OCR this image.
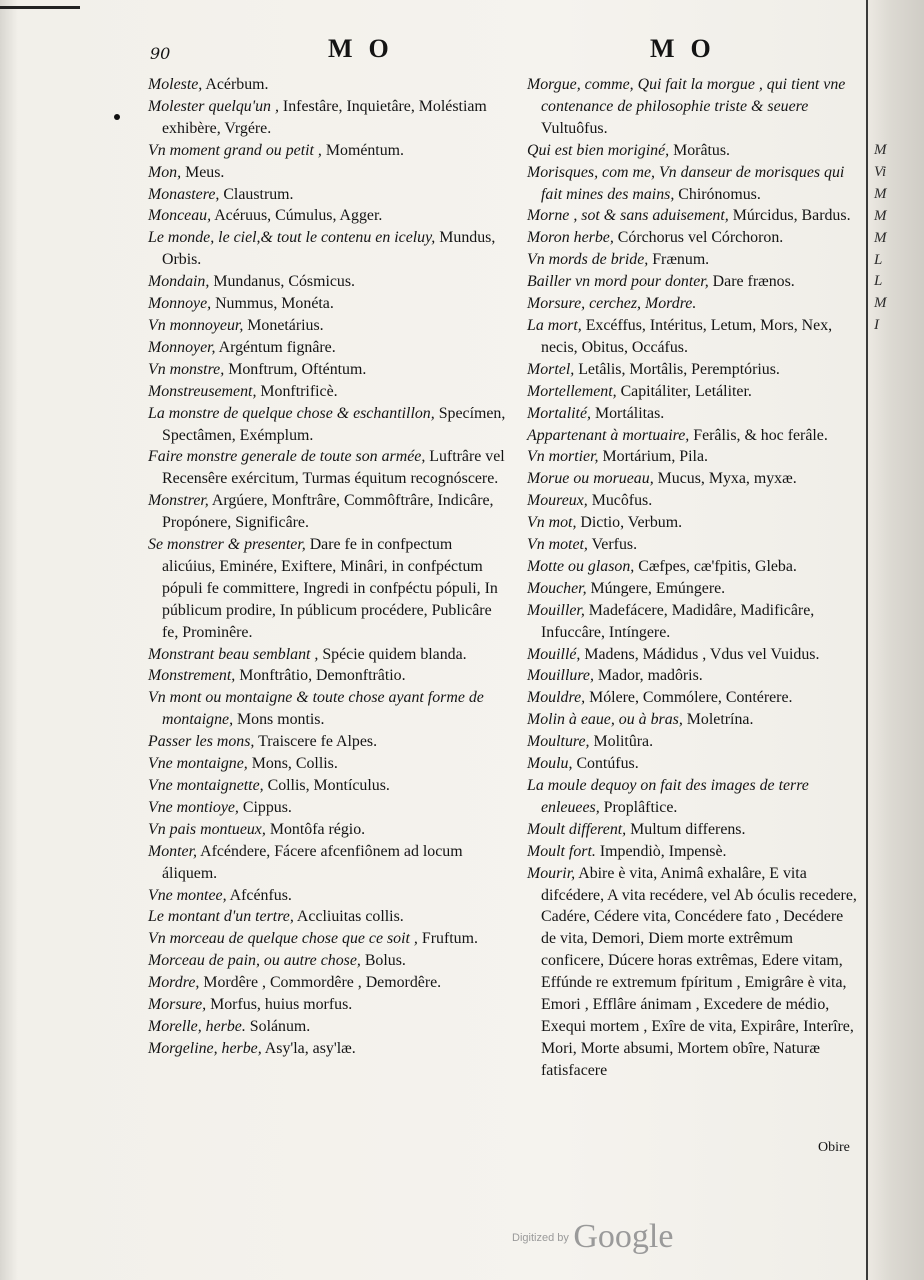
90	MO	MO

Moleste, Acérbum.

Molester quelqu'un , Infestâre, Inquietâre, Moléstiam exhibère, Vrgére.

Vn moment grand ou petit , Moméntum.

Mon, Meus.

Monastere, Claustrum.

Monceau, Acéruus, Cúmulus, Agger.

Le monde, le ciel,& tout le contenu en iceluy, Mundus, Orbis.

Mondain, Mundanus, Cósmicus.

Monnoye, Nummus, Monéta.

Vn monnoyeur, Monetárius.

Monnoyer, Argéntum fignâre.

Vn monstre, Monftrum, Ofténtum.

Monstreusement, Monftrificè.

La monstre de quelque chose & eschantillon, Specímen, Spectâmen, Exémplum.

Faire monstre generale de toute son armée, Luftrâre vel Recensêre exércitum, Turmas équitum recognóscere.

Monstrer, Argúere, Monftrâre, Commôftrâre, Indicâre, Propónere, Significâre.

Se monstrer & presenter, Dare fe in confpectum alicúius, Eminére, Exiftere, Minâri, in confpéctum pópuli fe committere, Ingredi in confpéctu pópuli, In públicum prodire, In públicum procédere, Publicâre fe, Prominêre.

Monstrant beau semblant , Spécie quidem blanda.

Monstrement, Monftrâtio, Demonftrâtio.

Vn mont ou montaigne & toute chose ayant forme de montaigne, Mons montis.

Passer les mons, Traiscere fe Alpes.

Vne montaigne, Mons, Collis.

Vne montaignette, Collis, Montículus.

Vne montioye, Cippus.

Vn pais montueux, Montôfa régio.

Monter, Afcéndere, Fácere afcenfiônem ad locum áliquem.

Vne montee, Afcénfus.

Le montant d'un tertre, Accliuitas collis.

Vn morceau de quelque chose que ce soit , Fruftum.

Morceau de pain, ou autre chose, Bolus.

Mordre, Mordêre , Commordêre , Demordêre.

Morsure, Morfus, huius morfus.

Morelle, herbe. Solánum.

Morgeline, herbe, Asy'la, asy'læ.

Morgue, comme, Qui fait la morgue , qui tient vne contenance de philosophie triste & seuere Vultuôfus.

Qui est bien moriginé, Morâtus.

Morisques, com me, Vn danseur de morisques qui fait mines des mains, Chirónomus.

Morne , sot & sans aduisement, Múrcidus, Bardus.

Moron herbe, Córchorus vel Córchoron.

Vn mords de bride, Frænum.

Bailler vn mord pour donter, Dare frænos.

Morsure, cerchez, Mordre.

La mort, Excéffus, Intéritus, Letum, Mors, Nex, necis, Obitus, Occáfus.

Mortel, Letâlis, Mortâlis, Peremptórius.

Mortellement, Capitáliter, Letáliter.

Mortalité, Mortálitas.

Appartenant à mortuaire, Ferâlis, & hoc ferâle.

Vn mortier, Mortárium, Pila.

Morue ou morueau, Mucus, Myxa, myxæ.

Moureux, Mucôfus.

Vn mot, Dictio, Verbum.

Vn motet, Verfus.

Motte ou glason, Cæfpes, cæ'fpitis, Gleba.

Moucher, Múngere, Emúngere.

Mouiller, Madefácere, Madidâre, Madificâre, Infuccâre, Intíngere.

Mouillé, Madens, Mádidus , Vdus vel Vuidus.

Mouillure, Mador, madôris.

Mouldre, Mólere, Commólere, Contérere.

Molin à eaue, ou à bras, Moletrína.

Moulture, Molitûra.

Moulu, Contúfus.

La moule dequoy on fait des images de terre enleuees, Proplâftice.

Moult different, Multum differens.

Moult fort. Impendiò, Impensè.

Mourir, Abire è vita, Animâ exhalâre, E vita difcédere, A vita recédere, vel Ab óculis recedere, Cadére, Cédere vita, Concédere fato , Decédere de vita, Demori, Diem morte extrêmum conficere, Dúcere horas extrêmas, Edere vitam, Effúnde re extremum fpíritum , Emigrâre è vita, Emori , Efflâre ánimam , Excedere de médio, Exequi mortem , Exîre de vita, Expirâre, Interîre, Mori, Morte absumi, Mortem obîre, Naturæ fatisfacere

Obire
M
Vi
M
M
M
L
L
M
I
$^{Digitized by}$ Google
